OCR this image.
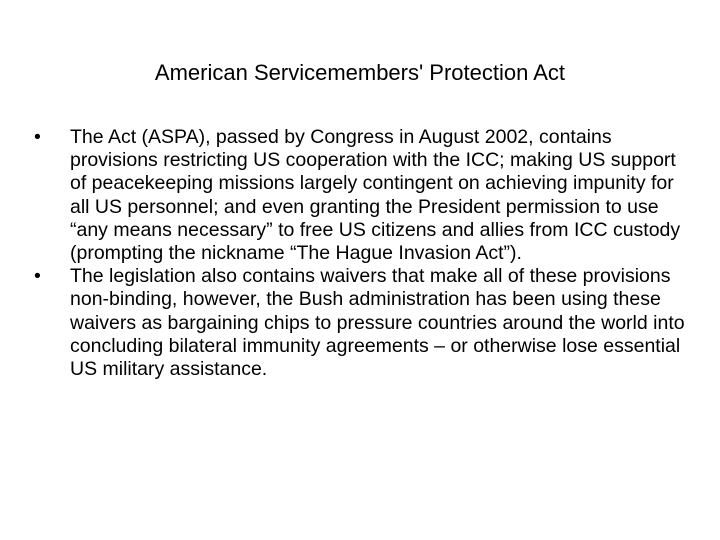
American Servicemembers' Protection Act
•	The Act (ASPA), passed by Congress in August 2002, contains provisions restricting US cooperation with the ICC; making US support of peacekeeping missions largely contingent on achieving impunity for all US personnel; and even granting the President permission to use “any means necessary” to free US citizens and allies from ICC custody (prompting the nickname “The Hague Invasion Act”).
•	The legislation also contains waivers that make all of these provisions non-binding, however, the Bush administration has been using these waivers as bargaining chips to pressure countries around the world into concluding bilateral immunity agreements – or otherwise lose essential US military assistance.
